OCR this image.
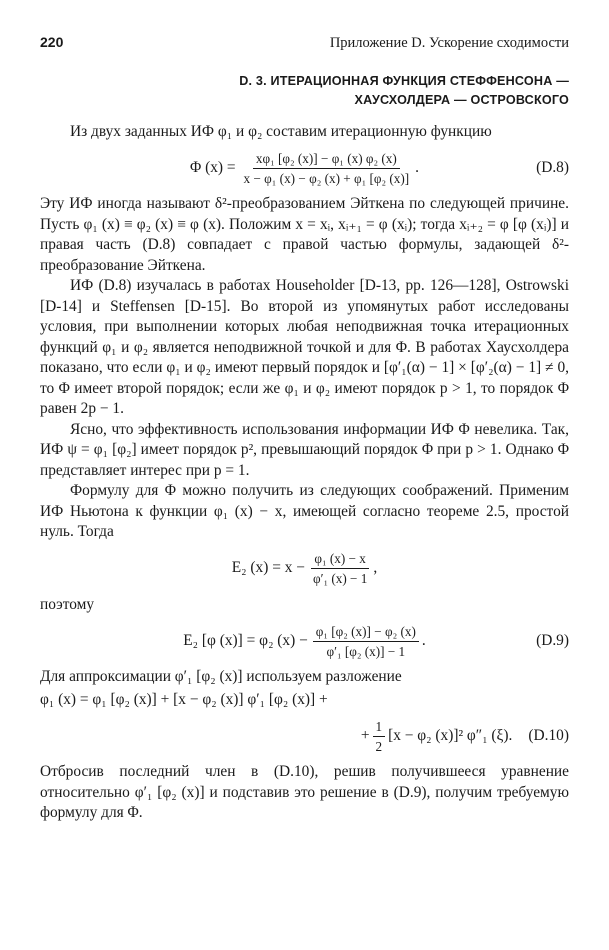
220	Приложение D. Ускорение сходимости
D. 3. ИТЕРАЦИОННАЯ ФУНКЦИЯ СТЕФФЕНСОНА —
ХАУСХОЛДЕРА — ОСТРОВСКОГО

Из двух заданных ИФ φ₁ и φ₂ составим итерационную функцию

Φ $(x) = \frac{\text{xφ₁ [φ₂ (x)] − φ₁ (x) φ₂ (x)}}{\text{x − φ₁ (x) − φ₂ (x) + φ₁ [φ₂ (x)]}}$ .	(D.8)

Эту ИФ иногда называют δ²-преобразованием Эйткена по следующей причине. Пусть φ₁ (x) ≡ φ₂ (x) ≡ φ (x). Положим x = xᵢ, xᵢ₊₁ = φ (xᵢ); тогда xᵢ₊₂ = φ [φ (xᵢ)] и правая часть (D.8) совпадает с правой частью формулы, задающей δ²-преобразование Эйткена.

ИФ (D.8) изучалась в работах Householder [D-13, pp. 126—128], Ostrowski [D-14] и Steffensen [D-15]. Во второй из упомянутых работ исследованы условия, при выполнении которых любая неподвижная точка итерационных функций φ₁ и φ₂ является неподвижной точкой и для Φ. В работах Хаусхолдера показано, что если φ₁ и φ₂ имеют первый порядок и [φ′₁(α) − 1] × [φ′₂(α) − 1] ≠ 0, то Φ имеет второй порядок; если же φ₁ и φ₂ имеют порядок p > 1, то порядок Φ равен 2p − 1.

Ясно, что эффективность использования информации ИФ Φ невелика. Так, ИФ ψ = φ₁ [φ₂] имеет порядок p², превышающий порядок Φ при p > 1. Однако Φ представляет интерес при p = 1.

Формулу для Φ можно получить из следующих соображений. Применим ИФ Ньютона к функции φ₁ (x) − x, имеющей согласно теореме 2.5, простой нуль. Тогда

E₂ $(x) = x - \frac{\text{φ₁ (x) − x}}{\text{φ′₁ (x) − 1}}$ ,

поэтому

E₂ [φ (x)] = φ₂ $(x) - \frac{\text{φ₁ [φ₂ (x)] − φ₂ (x)}}{\text{φ′₁ [φ₂ (x)] − 1}}$ .	(D.9)

Для аппроксимации φ′₁ [φ₂ (x)] используем разложение

φ₁ (x) = φ₁ [φ₂ (x)] + [x − φ₂ (x)] φ′₁ [φ₂ (x)] +
+ $\frac{1}{2} [x - \varphi_2$ (x)]² φ″₁ (ξ). (D.10)

Отбросив последний член в (D.10), решив получившееся уравнение относительно φ′₁ [φ₂ (x)] и подставив это решение в (D.9), получим требуемую формулу для Φ.
